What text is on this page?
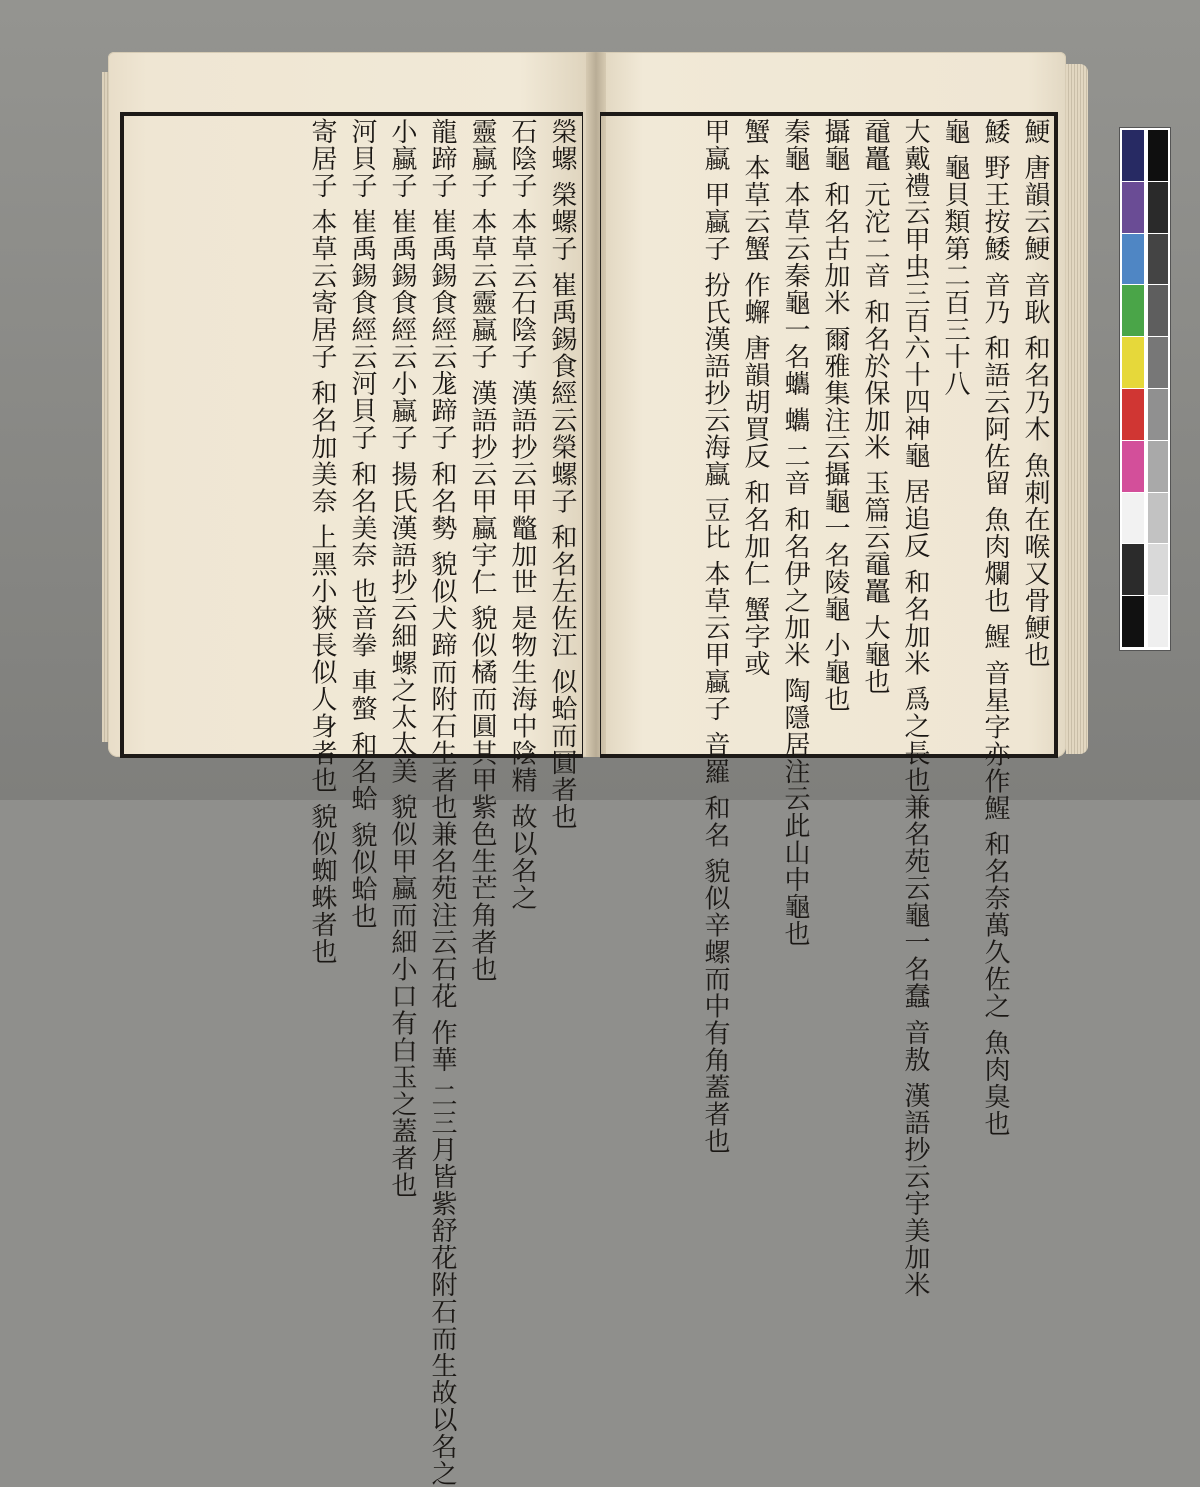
鯁 唐韻云鯁 音耿 和名乃木 魚刺在喉又骨鯁也
鯘 野王按鯘 音乃 和語云阿佐留 魚肉爛也 鯹 音星字亦作鯹 和名奈萬久佐之 魚肉臭也
龜 龜貝類第二百三十八
大戴禮云甲虫三百六十四神龜 居追反 和名加米 爲之長也兼名苑云龜一名蠢 音敖 漢語抄云宇美加米
黿鼉 元沱二音 和名於保加米 玉篇云黿鼉 大龜也
攝龜 和名古加米 爾雅集注云攝龜一名陵龜 小龜也
秦龜 本草云秦龜一名蠵 蠵 二音 和名伊之加米 陶隱居注云此山中龜也
蟹 本草云蟹 作蠏 唐韻胡買反 和名加仁 蟹字或
甲蠃 甲蠃子 扮氏漢語抄云海蠃 豆比 本草云甲蠃子 音羅 和名 貌似辛螺而中有角蓋者也
榮螺 榮螺子 崔禹錫食經云榮螺子 和名左佐江 似蛤而圓者也
石陰子 本草云石陰子 漢語抄云甲鼈加世 是物生海中陰精 故以名之
靈蠃子 本草云靈蠃子 漢語抄云甲蠃宇仁 貌似橘而圓其甲紫色生芒角者也
龍蹄子 崔禹錫食經云尨蹄子 和名勢 貌似犬蹄而附石生者也兼名苑注云石花 作華 二三月皆紫舒花附石而生故以名之
小蠃子 崔禹錫食經云小蠃子 揚氏漢語抄云細螺之太太美 貌似甲蠃而細小口有白玉之蓋者也
河貝子 崔禹錫食經云河貝子 和名美奈 也音拳 車螫 和名蛤 貌似蛤也
寄居子 本草云寄居子 和名加美奈 上黑小狹長似人身者也 貌似蜘蛛者也
